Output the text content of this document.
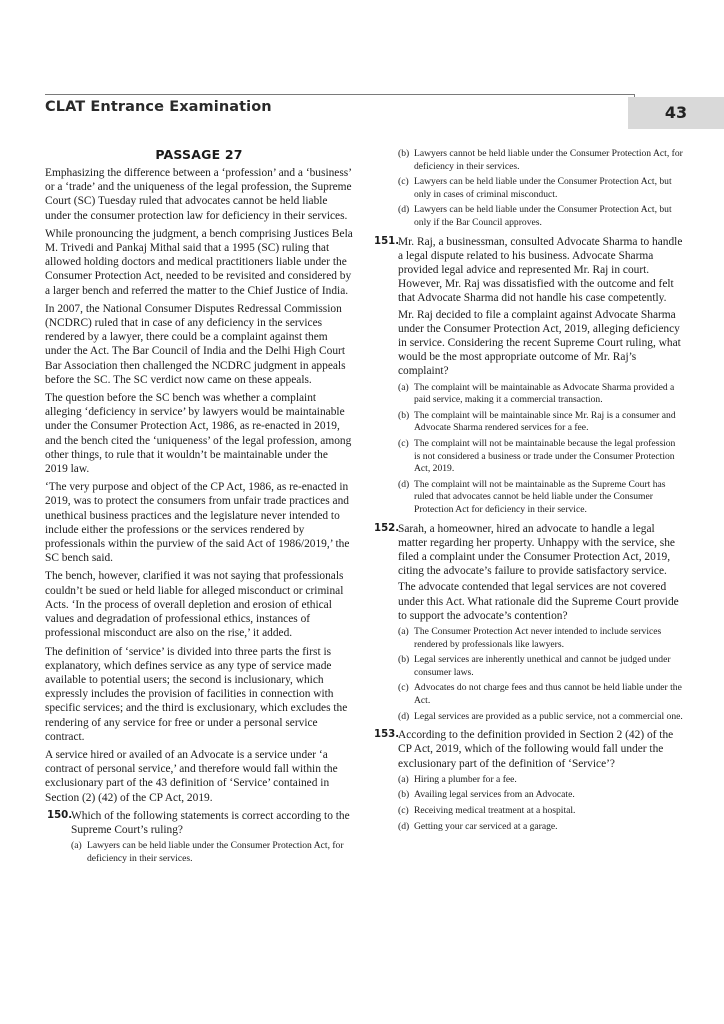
CLAT Entrance Examination	43
PASSAGE 27

Emphasizing the difference between a ‘profession’ and a ‘business’ or a ‘trade’ and the uniqueness of the legal profession, the Supreme Court (SC) Tuesday ruled that advocates cannot be held liable under the consumer protection law for deficiency in their services.

While pronouncing the judgment, a bench comprising Justices Bela M. Trivedi and Pankaj Mithal said that a 1995 (SC) ruling that allowed holding doctors and medical practitioners liable under the Consumer Protection Act, needed to be revisited and considered by a larger bench and referred the matter to the Chief Justice of India.

In 2007, the National Consumer Disputes Redressal Commission (NCDRC) ruled that in case of any deficiency in the services rendered by a lawyer, there could be a complaint against them under the Act. The Bar Council of India and the Delhi High Court Bar Association then challenged the NCDRC judgment in appeals before the SC. The SC verdict now came on these appeals.

The question before the SC bench was whether a complaint alleging ‘deficiency in service’ by lawyers would be maintainable under the Consumer Protection Act, 1986, as re-enacted in 2019, and the bench cited the ‘uniqueness’ of the legal profession, among other things, to rule that it wouldn’t be maintainable under the 2019 law.

‘The very purpose and object of the CP Act, 1986, as re-enacted in 2019, was to protect the consumers from unfair trade practices and unethical business practices and the legislature never intended to include either the professions or the services rendered by professionals within the purview of the said Act of 1986/2019,’ the SC bench said.

The bench, however, clarified it was not saying that professionals couldn’t be sued or held liable for alleged misconduct or criminal Acts. ‘In the process of overall depletion and erosion of ethical values and degradation of professional ethics, instances of professional misconduct are also on the rise,’ it added.

The definition of ‘service’ is divided into three parts the first is explanatory, which defines service as any type of service made available to potential users; the second is inclusionary, which expressly includes the provision of facilities in connection with specific services; and the third is exclusionary, which excludes the rendering of any service for free or under a personal service contract.

A service hired or availed of an Advocate is a service under ‘a contract of personal service,’ and therefore would fall within the exclusionary part of the 43 definition of ‘Service’ contained in Section (2) (42) of the CP Act, 2019.

150.
Which of the following statements is correct according to the Supreme Court’s ruling?
(a) Lawyers can be held liable under the Consumer Protection Act, for deficiency in their services.
(b) Lawyers cannot be held liable under the Consumer Protection Act, for deficiency in their services.
(c) Lawyers can be held liable under the Consumer Protection Act, but only in cases of criminal misconduct.
(d) Lawyers can be held liable under the Consumer Protection Act, but only if the Bar Council approves.
151.
Mr. Raj, a businessman, consulted Advocate Sharma to handle a legal dispute related to his business. Advocate Sharma provided legal advice and represented Mr. Raj in court. However, Mr. Raj was dissatisfied with the outcome and felt that Advocate Sharma did not handle his case competently.
Mr. Raj decided to file a complaint against Advocate Sharma under the Consumer Protection Act, 2019, alleging deficiency in service. Considering the recent Supreme Court ruling, what would be the most appropriate outcome of Mr. Raj’s complaint?
(a) The complaint will be maintainable as Advocate Sharma provided a paid service, making it a commercial transaction.
(b) The complaint will be maintainable since Mr. Raj is a consumer and Advocate Sharma rendered services for a fee.
(c) The complaint will not be maintainable because the legal profession is not considered a business or trade under the Consumer Protection Act, 2019.
(d) The complaint will not be maintainable as the Supreme Court has ruled that advocates cannot be held liable under the Consumer Protection Act for deficiency in their service.
152.
Sarah, a homeowner, hired an advocate to handle a legal matter regarding her property. Unhappy with the service, she filed a complaint under the Consumer Protection Act, 2019, citing the advocate’s failure to provide satisfactory service.
The advocate contended that legal services are not covered under this Act. What rationale did the Supreme Court provide to support the advocate’s contention?
(a) The Consumer Protection Act never intended to include services rendered by professionals like lawyers.
(b) Legal services are inherently unethical and cannot be judged under consumer laws.
(c) Advocates do not charge fees and thus cannot be held liable under the Act.
(d) Legal services are provided as a public service, not a commercial one.
153.
According to the definition provided in Section 2 (42) of the CP Act, 2019, which of the following would fall under the exclusionary part of the definition of ‘Service’?
(a) Hiring a plumber for a fee.
(b) Availing legal services from an Advocate.
(c) Receiving medical treatment at a hospital.
(d) Getting your car serviced at a garage.
